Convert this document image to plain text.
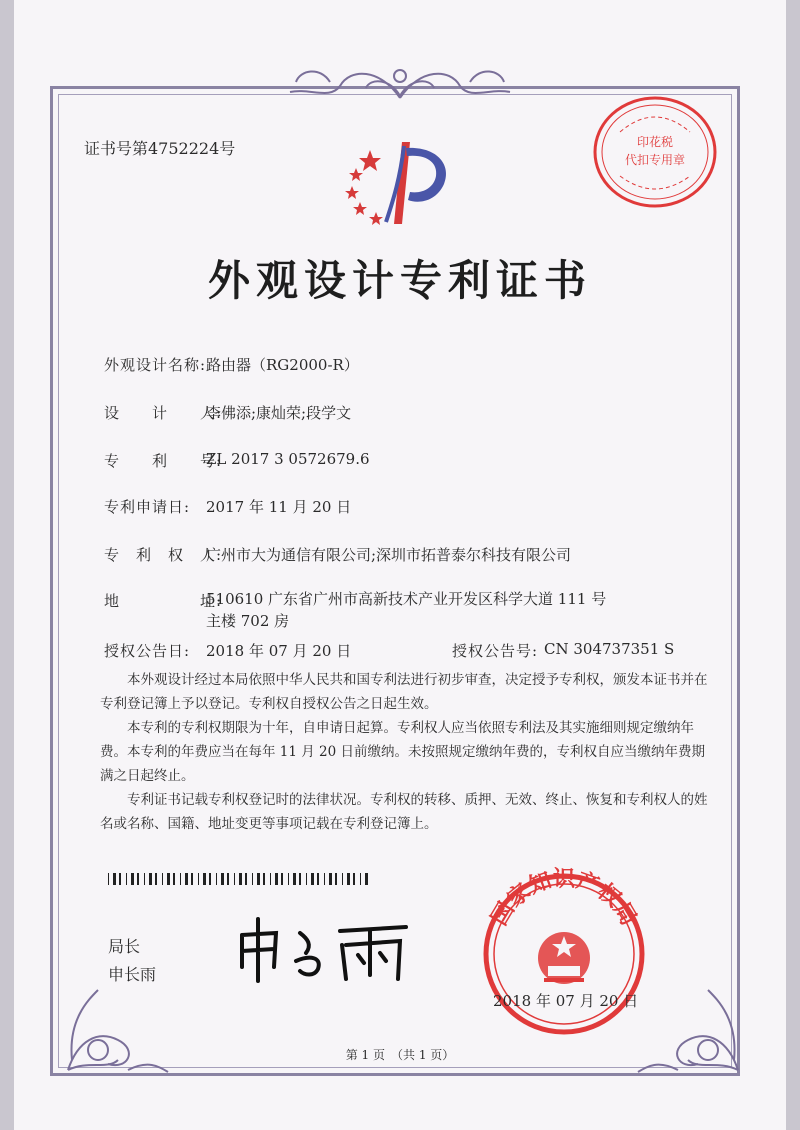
证书号第4752224号	印花税
代扣专用章
外观设计专利证书
外观设计名称: 路由器（RG2000-R）
设　　计　　人:
李佛添;康灿荣;段学文
专　　利　　号:
ZL 2017 3 0572679.6
专利申请日: 2017 年 11 月 20 日
专　利　权　人:
广州市大为通信有限公司;深圳市拓普泰尔科技有限公司
地　　　　　址:
510610 广东省广州市高新技术产业开发区科学大道 111 号
主楼 702 房
授权公告日: 2018 年 07 月 20 日	授权公告号: CN 304737351 S
本外观设计经过本局依照中华人民共和国专利法进行初步审查，决定授予专利权，颁发本证书并在专利登记簿上予以登记。专利权自授权公告之日起生效。
本专利的专利权期限为十年，自申请日起算。专利权人应当依照专利法及其实施细则规定缴纳年费。本专利的年费应当在每年 11 月 20 日前缴纳。未按照规定缴纳年费的，专利权自应当缴纳年费期满之日起终止。
专利证书记载专利权登记时的法律状况。专利权的转移、质押、无效、终止、恢复和专利权人的姓名或名称、国籍、地址变更等事项记载在专利登记簿上。
局长
申长雨
国家知识产权局
2018 年 07 月 20 日
第 1 页　（共 1 页）
